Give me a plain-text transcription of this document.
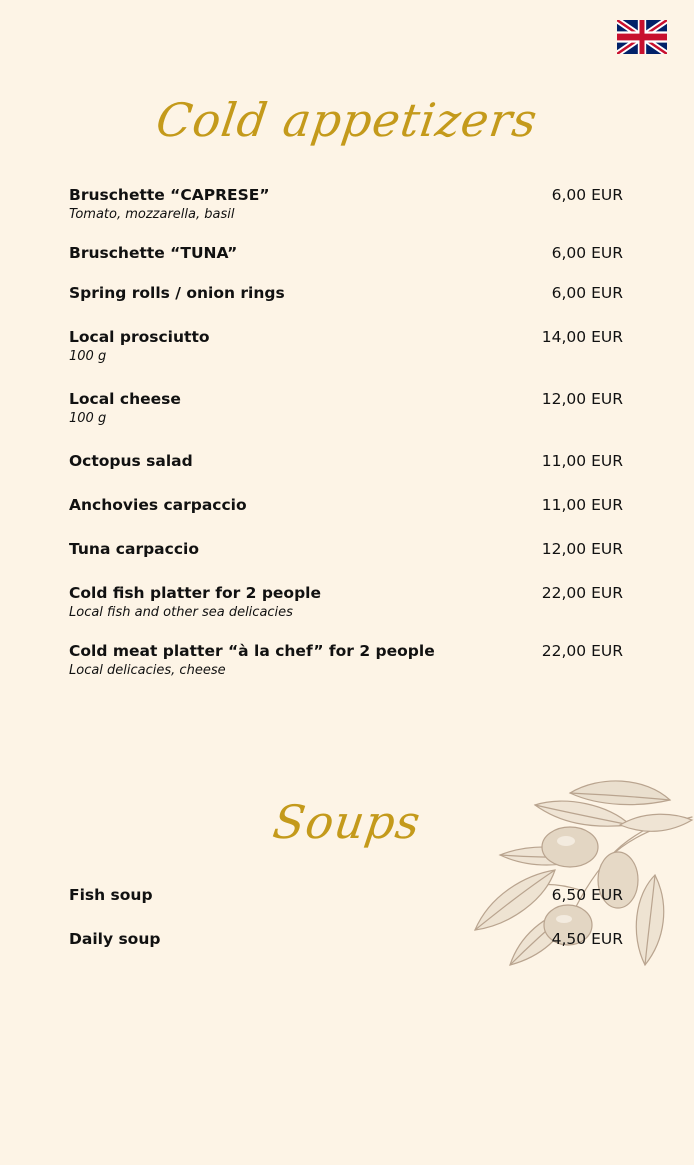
Cold appetizers
Bruschette “CAPRESE”	6,00 EUR
Tomato, mozzarella, basil
Bruschette “TUNA”	6,00 EUR
Spring rolls / onion rings	6,00 EUR
Local prosciutto	14,00 EUR
100 g
Local cheese	12,00 EUR
100 g
Octopus salad	11,00 EUR
Anchovies carpaccio	11,00 EUR
Tuna carpaccio	12,00 EUR
Cold fish platter for 2 people	22,00 EUR
Local fish and other sea delicacies
Cold meat platter “à la chef” for 2 people	22,00 EUR
Local delicacies, cheese
Soups
Fish soup	6,50 EUR
Daily soup	4,50 EUR
